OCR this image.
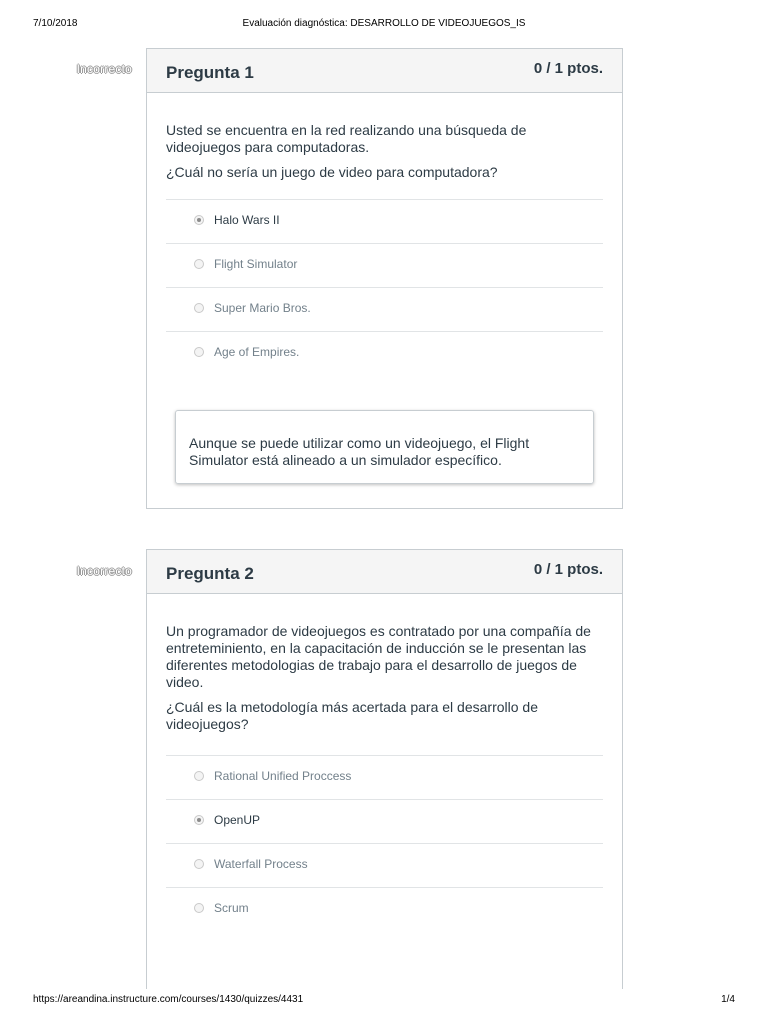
7/10/2018	Evaluación diagnóstica: DESARROLLO DE VIDEOJUEGOS_IS
Incorrecto Pregunta 1	0 / 1 ptos.

Usted se encuentra en la red realizando una búsqueda de videojuegos para computadoras.

¿Cuál no sería un juego de video para computadora?

Halo Wars II
Flight Simulator
Super Mario Bros.
Age of Empires.
Aunque se puede utilizar como un videojuego, el Flight Simulator está alineado a un simulador específico.
Incorrecto Pregunta 2	0 / 1 ptos.

Un programador de videojuegos es contratado por una compañía de entreteminiento, en la capacitación de inducción se le presentan las diferentes metodologias de trabajo para el desarrollo de juegos de video.

¿Cuál es la metodología más acertada para el desarrollo de videojuegos?

Rational Unified Proccess
OpenUP
Waterfall Process
Scrum
https://areandina.instructure.com/courses/1430/quizzes/4431	1/4
